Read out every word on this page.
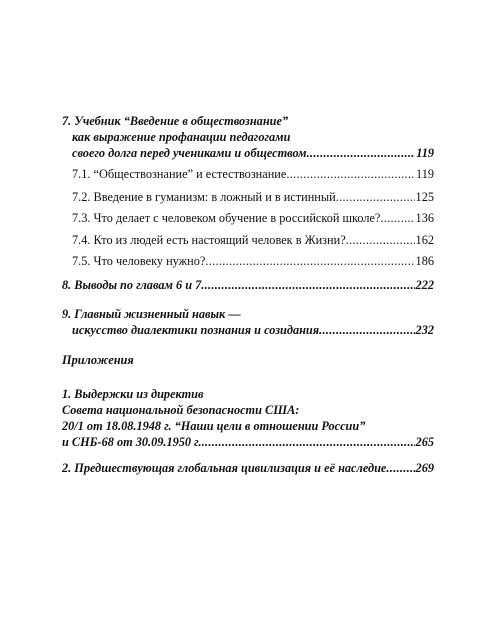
7. Учебник “Введение в обществознание”
как выражение профанации педагогами
своего долга перед учениками и обществом .....	119
7.1. “Обществознание” и естествознание .....	119
7.2. Введение в гуманизм: в ложный и в истинный .....	125
7.3. Что делает с человеком обучение в российской школе? .....	136
7.4. Кто из людей есть настоящий человек в Жизни? .....	162
7.5. Что человеку нужно? .....	186
8. Выводы по главам 6 и 7 .....	222
9. Главный жизненный навык —
искусство диалектики познания и созидания .....	232
Приложения
1. Выдержки из директив
Совета национальной безопасности США:
20/1 от 18.08.1948 г. “Наши цели в отношении России”
и СНБ-68 от 30.09.1950 г. .....	265
2. Предшествующая глобальная цивилизация и её наследие ..... 269
